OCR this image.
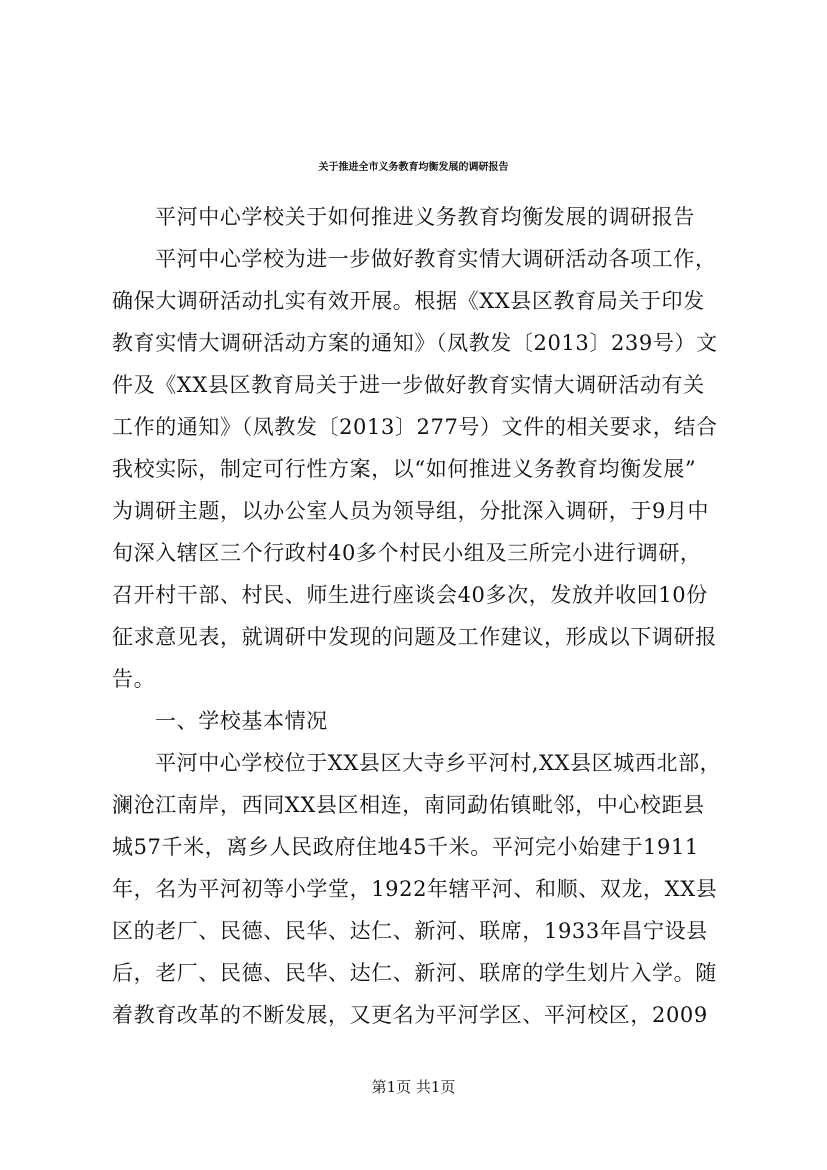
关于推进全市义务教育均衡发展的调研报告
平河中心学校关于如何推进义务教育均衡发展的调研报告
平河中心学校为进一步做好教育实情大调研活动各项工作，
确保大调研活动扎实有效开展。根据《XX县区教育局关于印发
教育实情大调研活动方案的通知》（凤教发〔2013〕239号）文
件及《XX县区教育局关于进一步做好教育实情大调研活动有关
工作的通知》（凤教发〔2013〕277号）文件的相关要求，结合
我校实际，制定可行性方案，以“如何推进义务教育均衡发展”
为调研主题，以办公室人员为领导组，分批深入调研，于9月中
旬深入辖区三个行政村40多个村民小组及三所完小进行调研，
召开村干部、村民、师生进行座谈会40多次，发放并收回10份
征求意见表，就调研中发现的问题及工作建议，形成以下调研报
告。
一、学校基本情况
平河中心学校位于XX县区大寺乡平河村,XX县区城西北部，
澜沧江南岸，西同XX县区相连，南同勐佑镇毗邻，中心校距县
城57千米，离乡人民政府住地45千米。平河完小始建于1911
年，名为平河初等小学堂，1922年辖平河、和顺、双龙，XX县
区的老厂、民德、民华、达仁、新河、联席，1933年昌宁设县
后，老厂、民德、民华、达仁、新河、联席的学生划片入学。随
着教育改革的不断发展，又更名为平河学区、平河校区，2009
第1页 共1页
